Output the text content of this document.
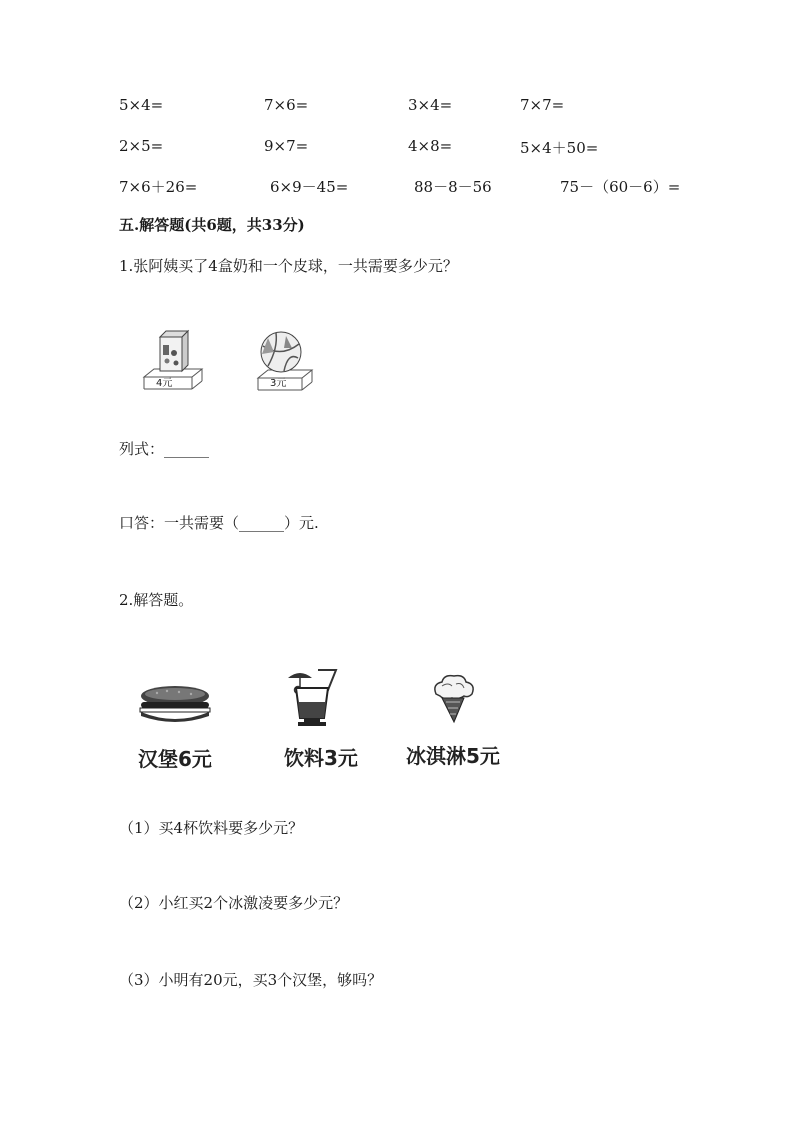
5×4=	7×6=	3×4=	7×7=
2×5=	9×7=	4×8=	5×4＋50=
7×6＋26=	6×9－45=	88－8－56	75－（60－6）=
五.解答题(共6题，共33分)
1.张阿姨买了4盒奶和一个皮球，一共需要多少元？
4元	3元
列式：______
口答：一共需要（______）元.
2.解答题。
汉堡6元	饮料3元 冰淇淋5元
（1）买4杯饮料要多少元？
（2）小红买2个冰激凌要多少元？
（3）小明有20元，买3个汉堡，够吗？
